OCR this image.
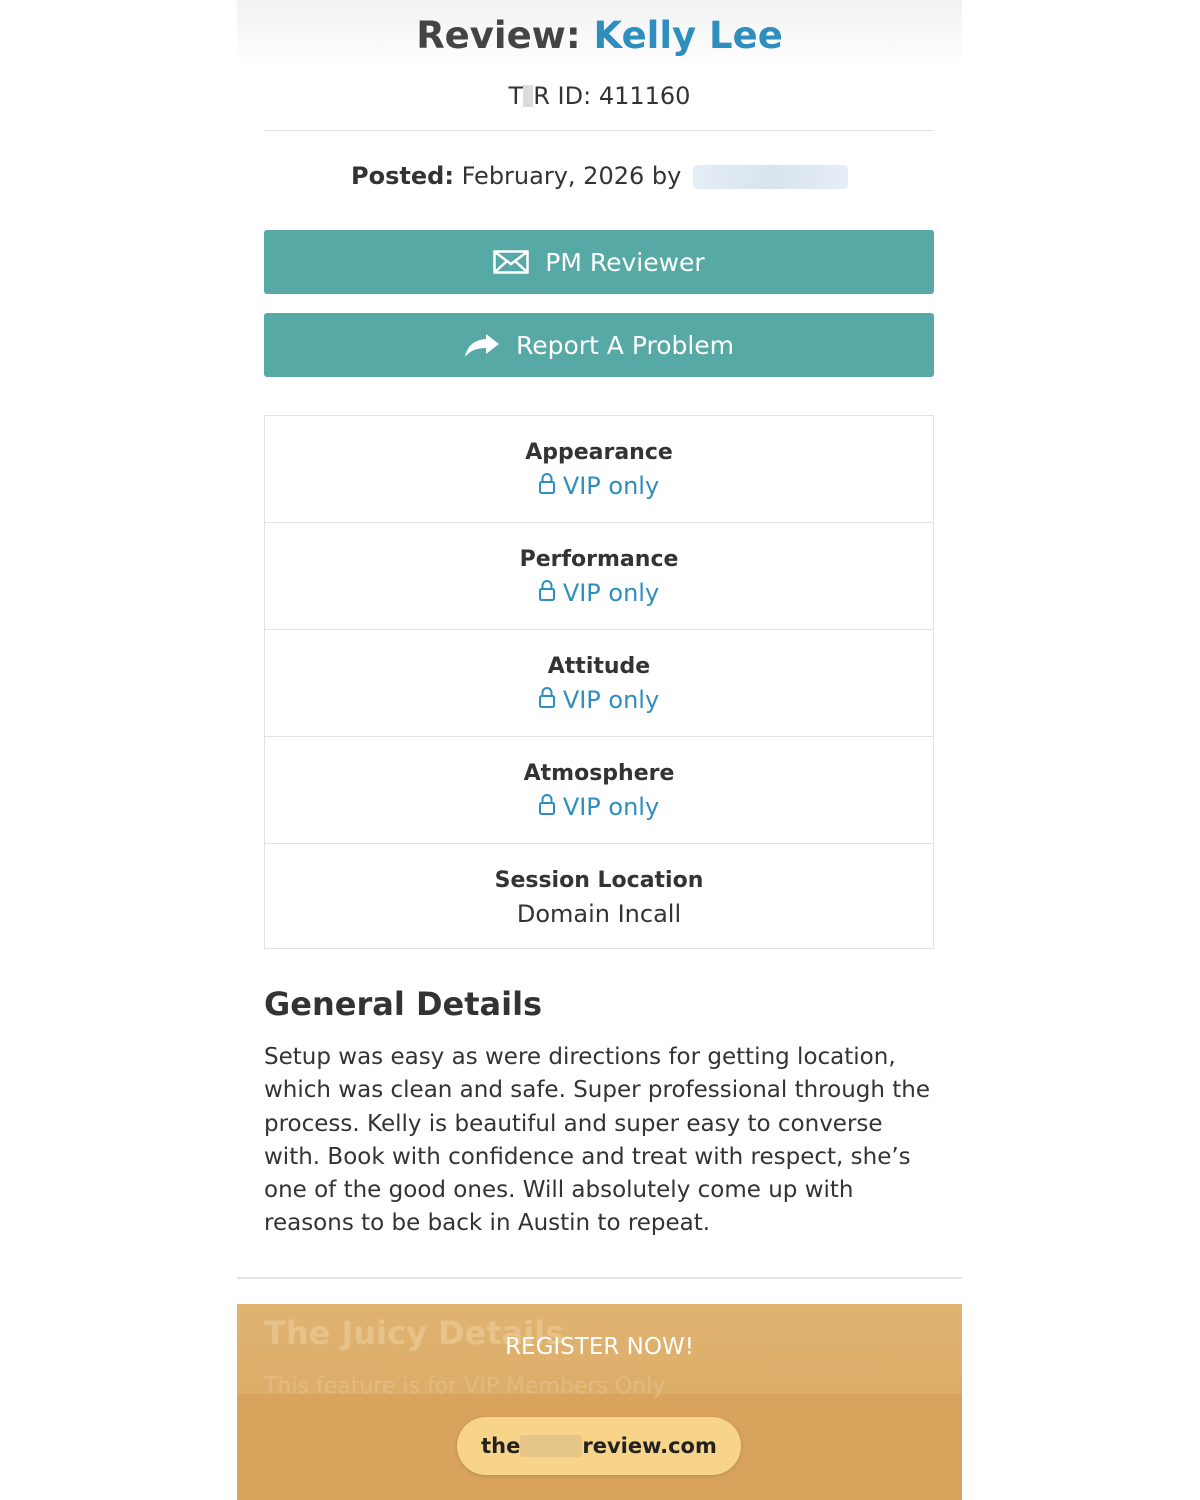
Review: Kelly Lee
T R ID: 411160
Posted: February, 2026 by
PM Reviewer
Report A Problem
Appearance
VIP only
Performance
VIP only
Attitude
VIP only
Atmosphere
VIP only
Session Location
Domain Incall
General Details
Setup was easy as were directions for getting location, which was clean and safe. Super professional through the process. Kelly is beautiful and super easy to converse with. Book with confidence and treat with respect, she’s one of the good ones. Will absolutely come up with reasons to be back in Austin to repeat.
The Juicy Details
This feature is for VIP Members Only
REGISTER NOW!
the	review.com
